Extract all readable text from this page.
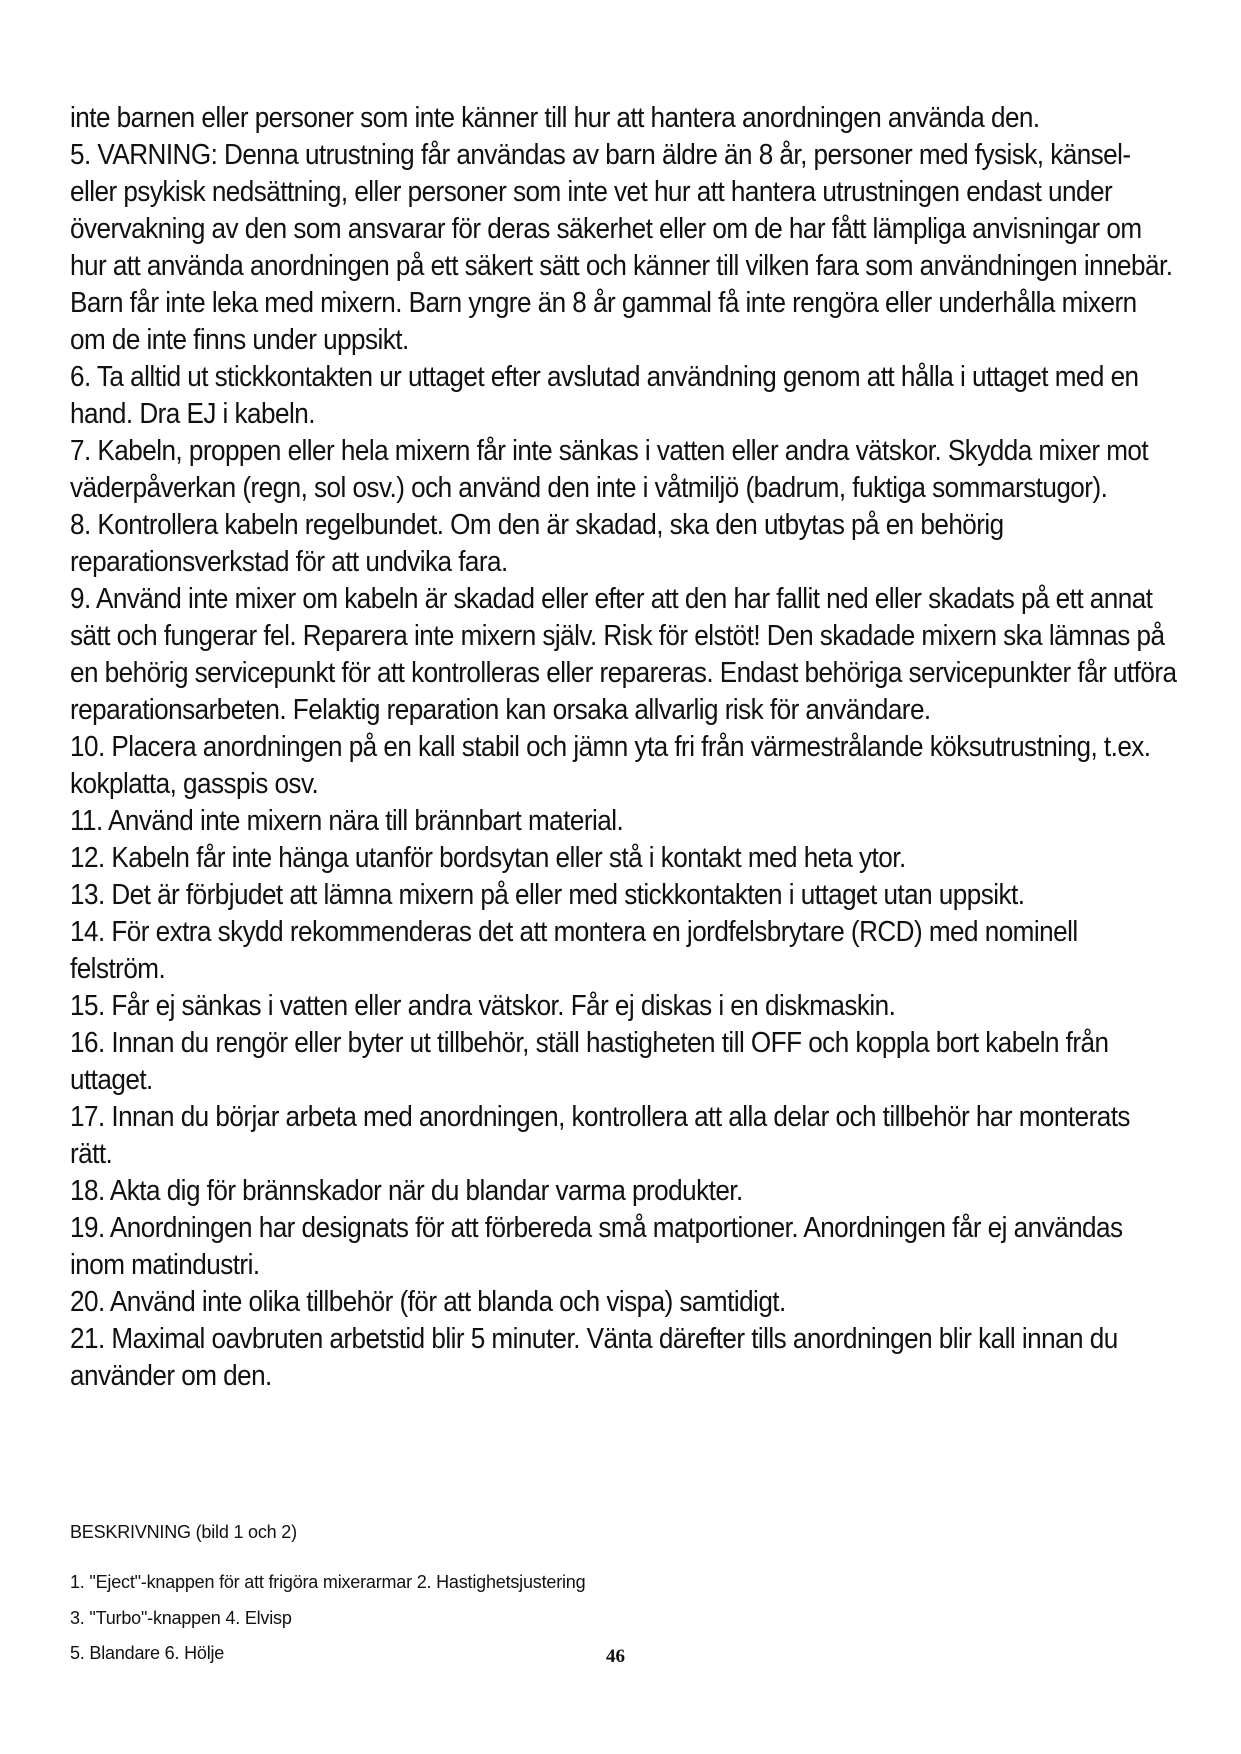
inte barnen eller personer som inte känner till hur att hantera anordningen använda den.

5. VARNING: Denna utrustning får användas av barn äldre än 8 år, personer med fysisk, känsel- eller psykisk nedsättning, eller personer som inte vet hur att hantera utrustningen endast under övervakning av den som ansvarar för deras säkerhet eller om de har fått lämpliga anvisningar om hur att använda anordningen på ett säkert sätt och känner till vilken fara som användningen innebär. Barn får inte leka med mixern. Barn yngre än 8 år gammal få inte rengöra eller underhålla mixern om de inte finns under uppsikt.

6. Ta alltid ut stickkontakten ur uttaget efter avslutad användning genom att hålla i uttaget med en hand. Dra EJ i kabeln.

7. Kabeln, proppen eller hela mixern får inte sänkas i vatten eller andra vätskor. Skydda mixer mot väderpåverkan (regn, sol osv.) och använd den inte i våtmiljö (badrum, fuktiga sommarstugor).

8. Kontrollera kabeln regelbundet. Om den är skadad, ska den utbytas på en behörig reparationsverkstad för att undvika fara.

9. Använd inte mixer om kabeln är skadad eller efter att den har fallit ned eller skadats på ett annat sätt och fungerar fel. Reparera inte mixern själv. Risk för elstöt! Den skadade mixern ska lämnas på en behörig servicepunkt för att kontrolleras eller repareras. Endast behöriga servicepunkter får utföra reparationsarbeten. Felaktig reparation kan orsaka allvarlig risk för användare.

10. Placera anordningen på en kall stabil och jämn yta fri från värmestrålande köksutrustning, t.ex. kokplatta, gasspis osv.

11. Använd inte mixern nära till brännbart material.

12. Kabeln får inte hänga utanför bordsytan eller stå i kontakt med heta ytor.

13. Det är förbjudet att lämna mixern på eller med stickkontakten i uttaget utan uppsikt.

14. För extra skydd rekommenderas det att montera en jordfelsbrytare (RCD) med nominell felström.

15. Får ej sänkas i vatten eller andra vätskor. Får ej diskas i en diskmaskin.

16. Innan du rengör eller byter ut tillbehör, ställ hastigheten till OFF och koppla bort kabeln från uttaget.

17. Innan du börjar arbeta med anordningen, kontrollera att alla delar och tillbehör har monterats rätt.

18. Akta dig för brännskador när du blandar varma produkter.

19. Anordningen har designats för att förbereda små matportioner. Anordningen får ej användas inom matindustri.

20. Använd inte olika tillbehör (för att blanda och vispa) samtidigt.

21. Maximal oavbruten arbetstid blir 5 minuter. Vänta därefter tills anordningen blir kall innan du använder om den.

BESKRIVNING (bild 1 och 2)
1. "Eject"-knappen för att frigöra mixerarmar 2. Hastighetsjustering
3. "Turbo"-knappen 4. Elvisp
5. Blandare 6. Hölje	46
